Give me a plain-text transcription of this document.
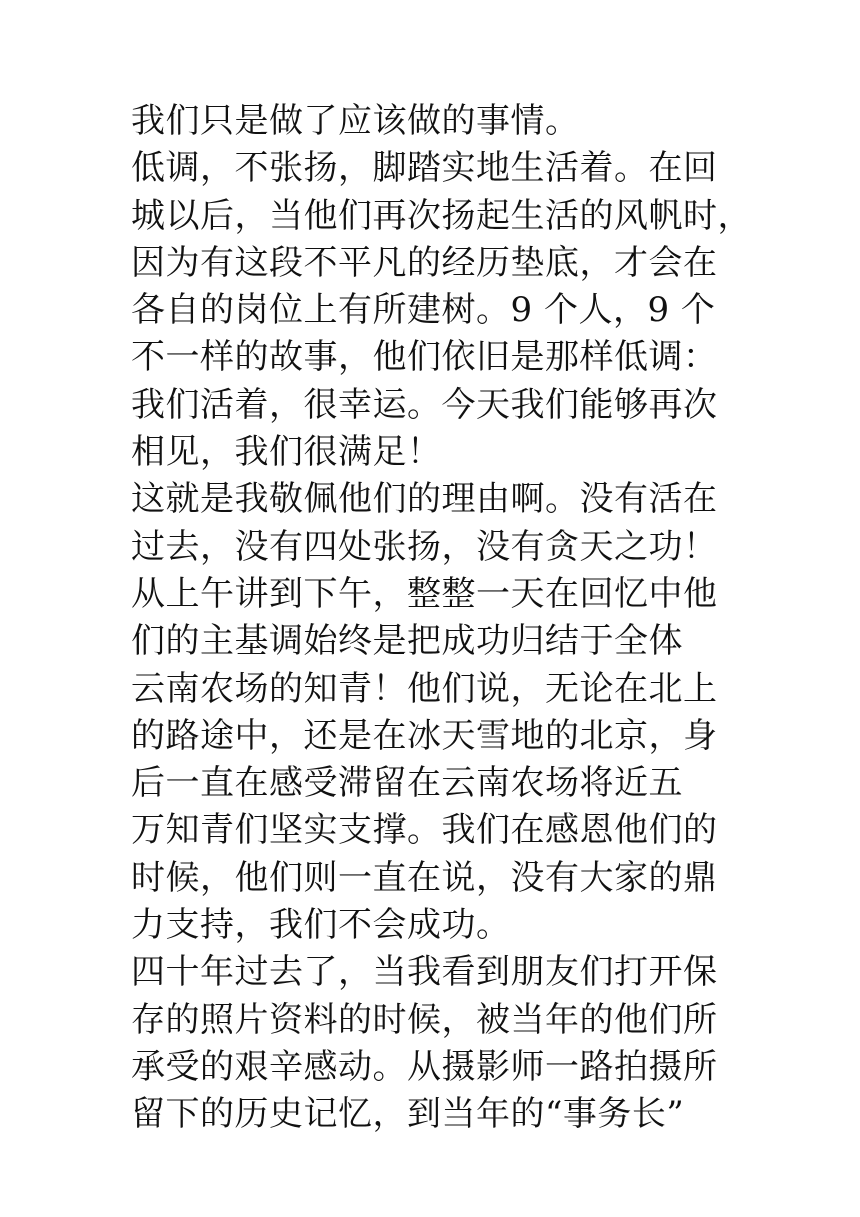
我们只是做了应该做的事情。
低调，不张扬，脚踏实地生活着。在回
城以后，当他们再次扬起生活的风帆时，
因为有这段不平凡的经历垫底，才会在
各自的岗位上有所建树。9 个人，9 个
不一样的故事，他们依旧是那样低调：
我们活着，很幸运。今天我们能够再次
相见，我们很满足！
这就是我敬佩他们的理由啊。没有活在
过去，没有四处张扬，没有贪天之功！
从上午讲到下午，整整一天在回忆中他
们的主基调始终是把成功归结于全体
云南农场的知青！他们说，无论在北上
的路途中，还是在冰天雪地的北京，身
后一直在感受滞留在云南农场将近五
万知青们坚实支撑。我们在感恩他们的
时候，他们则一直在说，没有大家的鼎
力支持，我们不会成功。
四十年过去了，当我看到朋友们打开保
存的照片资料的时候，被当年的他们所
承受的艰辛感动。从摄影师一路拍摄所
留下的历史记忆，到当年的“事务长”
